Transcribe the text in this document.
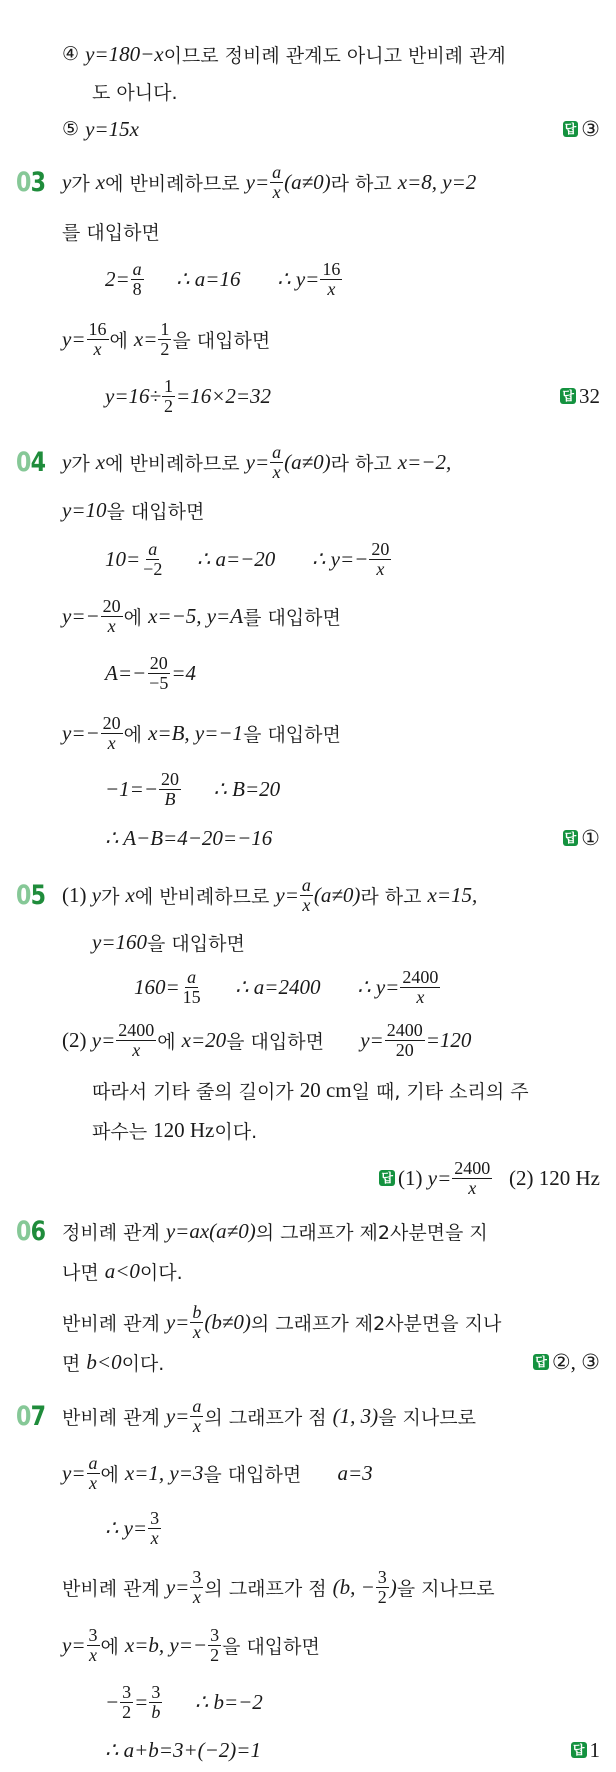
④ y=180−x 이므로 정비례 관계도 아니고 반비례 관계
도 아니다.
⑤ y=15x	답 ③
03 y 가 x 에 반비례하므로 $y= \frac{a}{x} (a\ne 0)$ 라 하고 x=8, y=2
를 대입하면
$2= \frac{a}{8}$ ∴ a=16       ∴ $y= \frac{16}{x}$
$y= \frac{16}{x}$ 에 $x= \frac{1}{2}$ 을 대입하면
$y=16\div \frac{1}{2} =16\times 2=32$	답 32
04 y 가 x 에 반비례하므로 $y= \frac{a}{x} (a\ne 0)$ 라 하고 x=−2,
y=10 을 대입하면
$10= \frac{a}{-2}$ ∴ a=−20       ∴ $y=- \frac{20}{x}$
$y=- \frac{20}{x}$ 에 x=−5, y=A 를 대입하면
$A=- \frac{20}{-5} =4$
$y=- \frac{20}{x}$ 에 x=B, y=−1 을 대입하면
$-1=- \frac{20}{B}$ ∴ B=20
∴ A−B=4−20=−16	답 ①
05 (1) y 가 x 에 반비례하므로 $y= \frac{a}{x} (a\ne 0)$ 라 하고 x=15,
y=160 을 대입하면
$160= \frac{a}{15}$ ∴ a=2400       ∴ $y= \frac{2400}{x}$
(2) $y= \frac{2400}{x}$ 에 x=20 을 대입하면 $y= \frac{2400}{20} =120$
따라서 기타 줄의 길이가 20 cm 일 때, 기타 소리의 주
파수는 120 Hz 이다.
답 (1) $y= \frac{2400}{x} (2)$ 120 Hz
06 정비례 관계 y=ax(a≠0) 의 그래프가 제2사분면을 지
나면 a<0 이다.
반비례 관계 $y= \frac{b}{x} (b\ne 0)$ 의 그래프가 제2사분면을 지나
면 b<0 이다.	답 ②, ③
07 반비례 관계 $y= \frac{a}{x}$ 의 그래프가 점 (1, 3) 을 지나므로
$y= \frac{a}{x}$ 에 x=1, y=3 을 대입하면 a=3
∴ $y= \frac{3}{x}$
반비례 관계 $y= \frac{3}{x}$ 의 그래프가 점 (b, − $\frac{3}{2}$ ) 을 지나므로
$y= \frac{3}{x}$ 에 x=b, $y=- \frac{3}{2}$ 을 대입하면
− $\frac{3}{2} = \frac{3}{b}$ ∴ b=−2
∴ a+b=3+(−2)=1	답 1
